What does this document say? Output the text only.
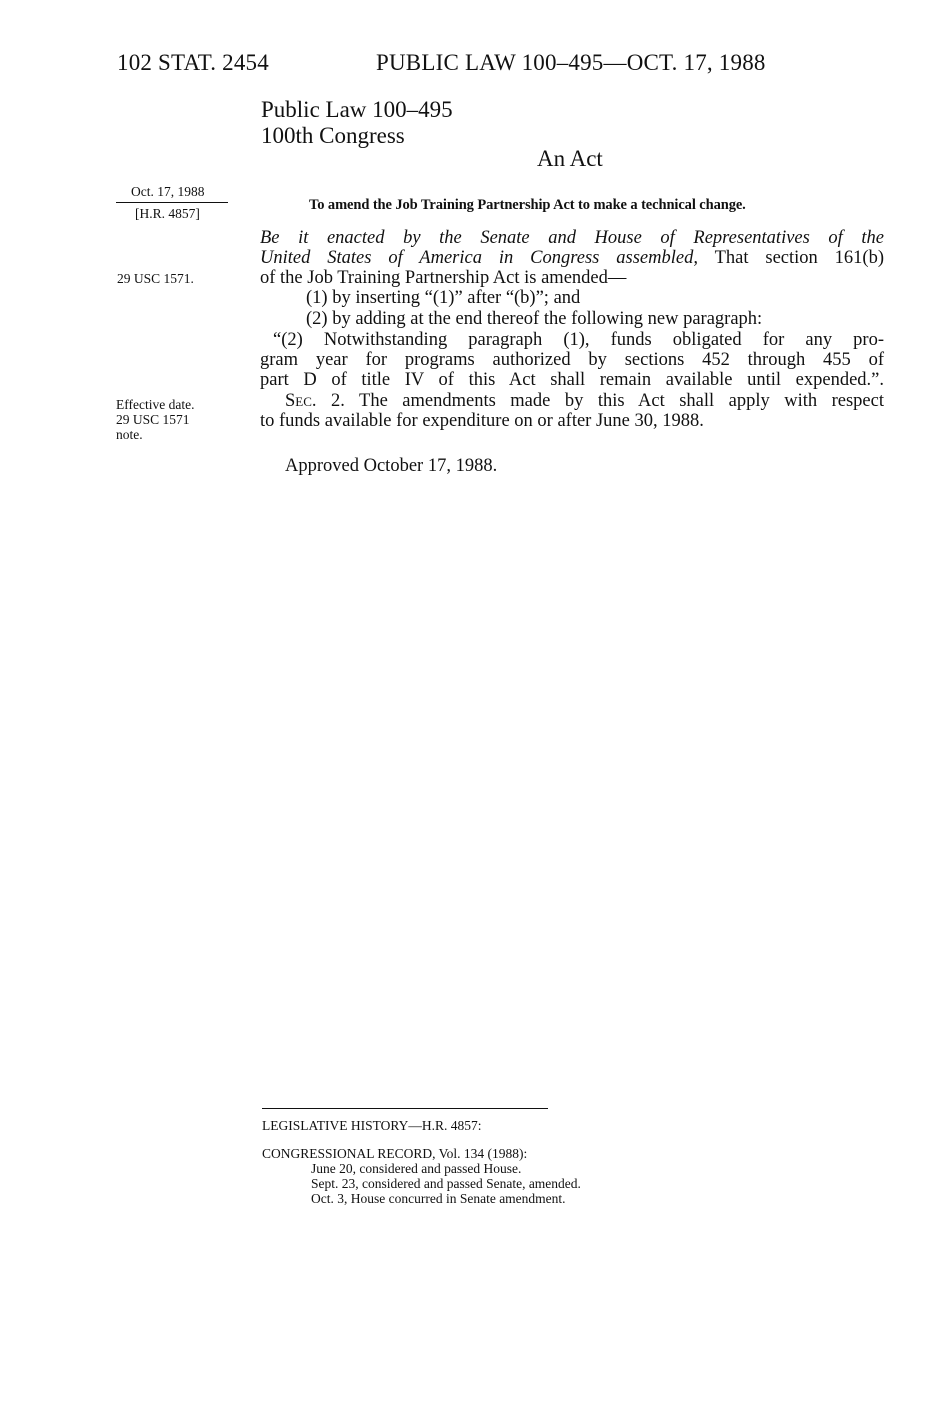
102 STAT. 2454	PUBLIC LAW 100–495—OCT. 17, 1988
Public Law 100–495
100th Congress
An Act
Oct. 17, 1988
[H.R. 4857]
29 USC 1571.
Effective date.
29 USC 1571
note.
To amend the Job Training Partnership Act to make a technical change.
Be it enacted by the Senate and House of Representatives of the
United States of America in Congress assembled, That section 161(b)
of the Job Training Partnership Act is amended—
(1) by inserting “(1)” after “(b)”; and
(2) by adding at the end thereof the following new paragraph:
“(2) Notwithstanding paragraph (1), funds obligated for any pro-
gram year for programs authorized by sections 452 through 455 of
part D of title IV of this Act shall remain available until expended.”.
Sec. 2. The amendments made by this Act shall apply with respect
to funds available for expenditure on or after June 30, 1988.
Approved October 17, 1988.
LEGISLATIVE HISTORY—H.R. 4857:
CONGRESSIONAL RECORD, Vol. 134 (1988):
June 20, considered and passed House.
Sept. 23, considered and passed Senate, amended.
Oct. 3, House concurred in Senate amendment.
